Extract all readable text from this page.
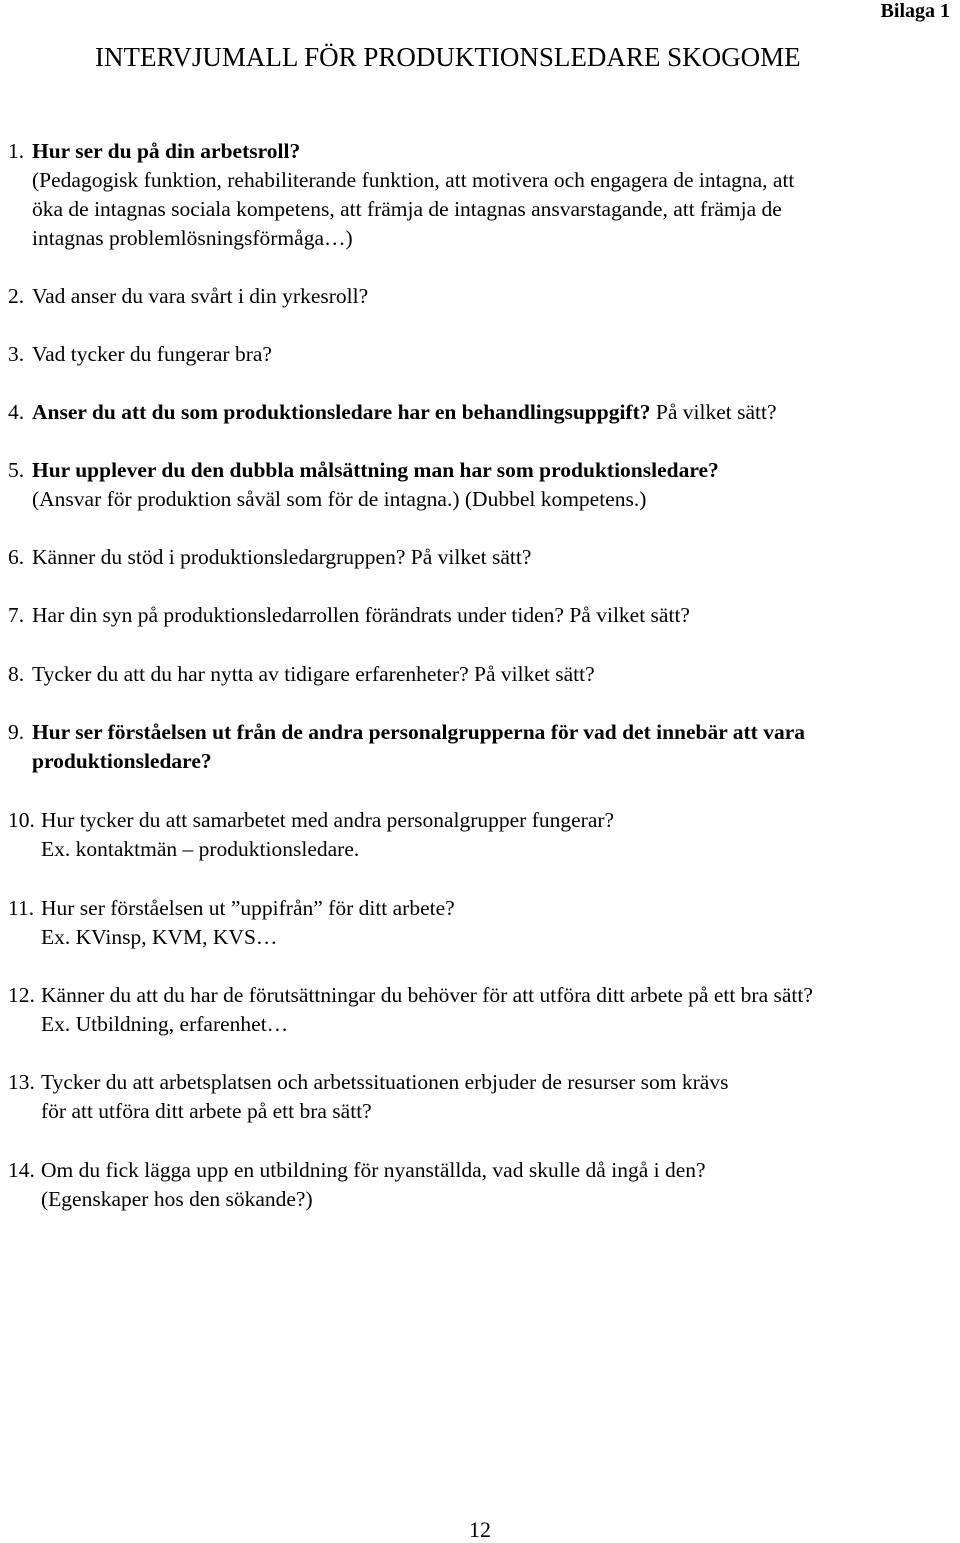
Bilaga 1
INTERVJUMALL FÖR PRODUKTIONSLEDARE SKOGOME
1. Hur ser du på din arbetsroll?
(Pedagogisk funktion, rehabiliterande funktion, att motivera och engagera de intagna, att
öka de intagnas sociala kompetens, att främja de intagnas ansvarstagande, att främja de
intagnas problemlösningsförmåga…)
2. Vad anser du vara svårt i din yrkesroll?
3. Vad tycker du fungerar bra?
4. Anser du att du som produktionsledare har en behandlingsuppgift? På vilket sätt?
5. Hur upplever du den dubbla målsättning man har som produktionsledare?
(Ansvar för produktion såväl som för de intagna.) (Dubbel kompetens.)
6. Känner du stöd i produktionsledargruppen? På vilket sätt?
7. Har din syn på produktionsledarrollen förändrats under tiden? På vilket sätt?
8. Tycker du att du har nytta av tidigare erfarenheter? På vilket sätt?
9. Hur ser förståelsen ut från de andra personalgrupperna för vad det innebär att vara
produktionsledare?
10. Hur tycker du att samarbetet med andra personalgrupper fungerar?
Ex. kontaktmän – produktionsledare.
11. Hur ser förståelsen ut ”uppifrån” för ditt arbete?
Ex. KVinsp, KVM, KVS…
12. Känner du att du har de förutsättningar du behöver för att utföra ditt arbete på ett bra sätt?
Ex. Utbildning, erfarenhet…
13. Tycker du att arbetsplatsen och arbetssituationen erbjuder de resurser som krävs
för att utföra ditt arbete på ett bra sätt?
14. Om du fick lägga upp en utbildning för nyanställda, vad skulle då ingå i den?
(Egenskaper hos den sökande?)
12
